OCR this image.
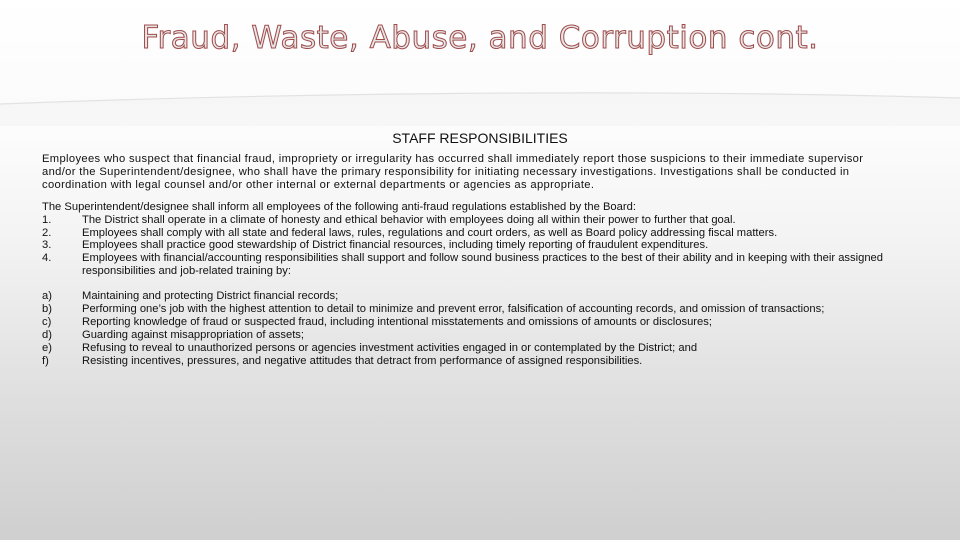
Fraud, Waste, Abuse, and Corruption cont.
STAFF RESPONSIBILITIES

Employees who suspect that financial fraud, impropriety or irregularity has occurred shall immediately report those suspicions to their immediate supervisor and/or the Superintendent/designee, who shall have the primary responsibility for initiating necessary investigations. Investigations shall be conducted in coordination with legal counsel and/or other internal or external departments or agencies as appropriate.

The Superintendent/designee shall inform all employees of the following anti-fraud regulations established by the Board:

1.	The District shall operate in a climate of honesty and ethical behavior with employees doing all within their power to further that goal.
2.	Employees shall comply with all state and federal laws, rules, regulations and court orders, as well as Board policy addressing fiscal matters.
3.	Employees shall practice good stewardship of District financial resources, including timely reporting of fraudulent expenditures.
4.	Employees with financial/accounting responsibilities shall support and follow sound business practices to the best of their ability and in keeping with their assigned responsibilities and job-related training by:
a)	Maintaining and protecting District financial records;
b)	Performing one’s job with the highest attention to detail to minimize and prevent error, falsification of accounting records, and omission of transactions;
c)	Reporting knowledge of fraud or suspected fraud, including intentional misstatements and omissions of amounts or disclosures;
d)	Guarding against misappropriation of assets;
e)	Refusing to reveal to unauthorized persons or agencies investment activities engaged in or contemplated by the District; and
f)	Resisting incentives, pressures, and negative attitudes that detract from performance of assigned responsibilities.
